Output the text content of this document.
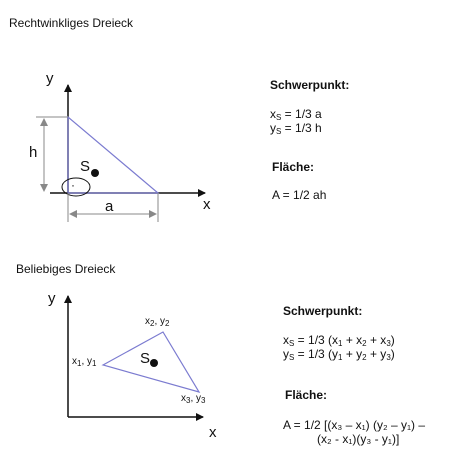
Rechtwinkliges Dreieck
y
x
h
a
S
·
Schwerpunkt:
xS = 1/3 a
yS = 1/3 h
Fläche:
A = 1/2 ah
Beliebiges Dreieck
y
x
S
$x_1$, $y_1$
$x_2$, $y_2$
$x_3$, $y_3$
Schwerpunkt:
xS = 1/3 (x1 + x2 + x3)
yS = 1/3 (y1 + y2 + y3)
Fläche:
A = 1/2 [(x₃ – x₁) (y₂ – y₁) –
(x₂ - x₁)(y₃ - y₁)]
